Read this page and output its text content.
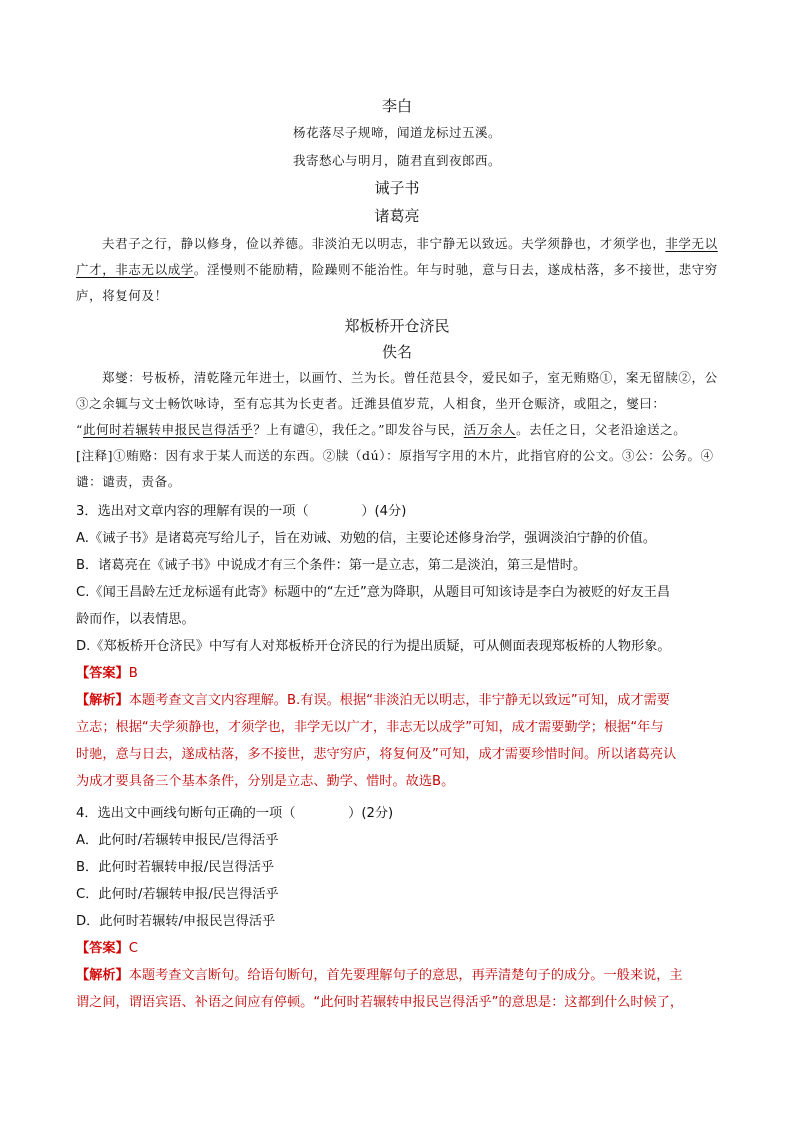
李白
杨花落尽子规啼，闻道龙标过五溪。
我寄愁心与明月，随君直到夜郎西。
诫子书
诸葛亮

夫君子之行，静以修身，俭以养德。非淡泊无以明志，非宁静无以致远。夫学须静也，才须学也，非学无以广才，非志无以成学。淫慢则不能励精，险躁则不能治性。年与时驰，意与日去，遂成枯落，多不接世，悲守穷庐，将复何及！

郑板桥开仓济民
佚名

郑燮：号板桥，清乾隆元年进士，以画竹、兰为长。曾任范县令，爱民如子，室无贿赂①，案无留牍②，公③之余辄与文士畅饮咏诗，至有忘其为长吏者。迁潍县值岁荒，人相食，坐开仓赈济，或阻之，燮曰：

“此何时若辗转申报民岂得活乎？上有谴④，我任之。”即发谷与民，活万余人。去任之日，父老沿途送之。

[注释]①贿赂：因有求于某人而送的东西。②牍（dú）：原指写字用的木片，此指官府的公文。③公：公务。④谴：谴责，责备。

3．选出对文章内容的理解有误的一项（　　　　）(4分)

A.《诫子书》是诸葛亮写给儿子，旨在劝诫、劝勉的信，主要论述修身治学，强调淡泊宁静的价值。

B．诸葛亮在《诫子书》中说成才有三个条件：第一是立志，第二是淡泊，第三是惜时。

C.《闻王昌龄左迁龙标遥有此寄》标题中的“左迁”意为降职，从题目可知该诗是李白为被贬的好友王昌

龄而作，以表情思。

D.《郑板桥开仓济民》中写有人对郑板桥开仓济民的行为提出质疑，可从侧面表现郑板桥的人物形象。

【答案】B

【解析】本题考查文言文内容理解。B.有误。根据“非淡泊无以明志，非宁静无以致远”可知，成才需要

立志；根据“夫学须静也，才须学也，非学无以广才，非志无以成学”可知，成才需要勤学；根据“年与

时驰，意与日去，遂成枯落，多不接世，悲守穷庐，将复何及”可知，成才需要珍惜时间。所以诸葛亮认

为成才要具备三个基本条件，分别是立志、勤学、惜时。故选B。

4．选出文中画线句断句正确的一项（　　　　）(2分)

A．此何时/若辗转申报民/岂得活乎

B．此何时若辗转申报/民岂得活乎

C．此何时/若辗转申报/民岂得活乎

D．此何时若辗转/申报民岂得活乎

【答案】C

【解析】本题考查文言断句。给语句断句，首先要理解句子的意思，再弄清楚句子的成分。一般来说，主

谓之间，谓语宾语、补语之间应有停顿。“此何时若辗转申报民岂得活乎”的意思是：这都到什么时候了，
